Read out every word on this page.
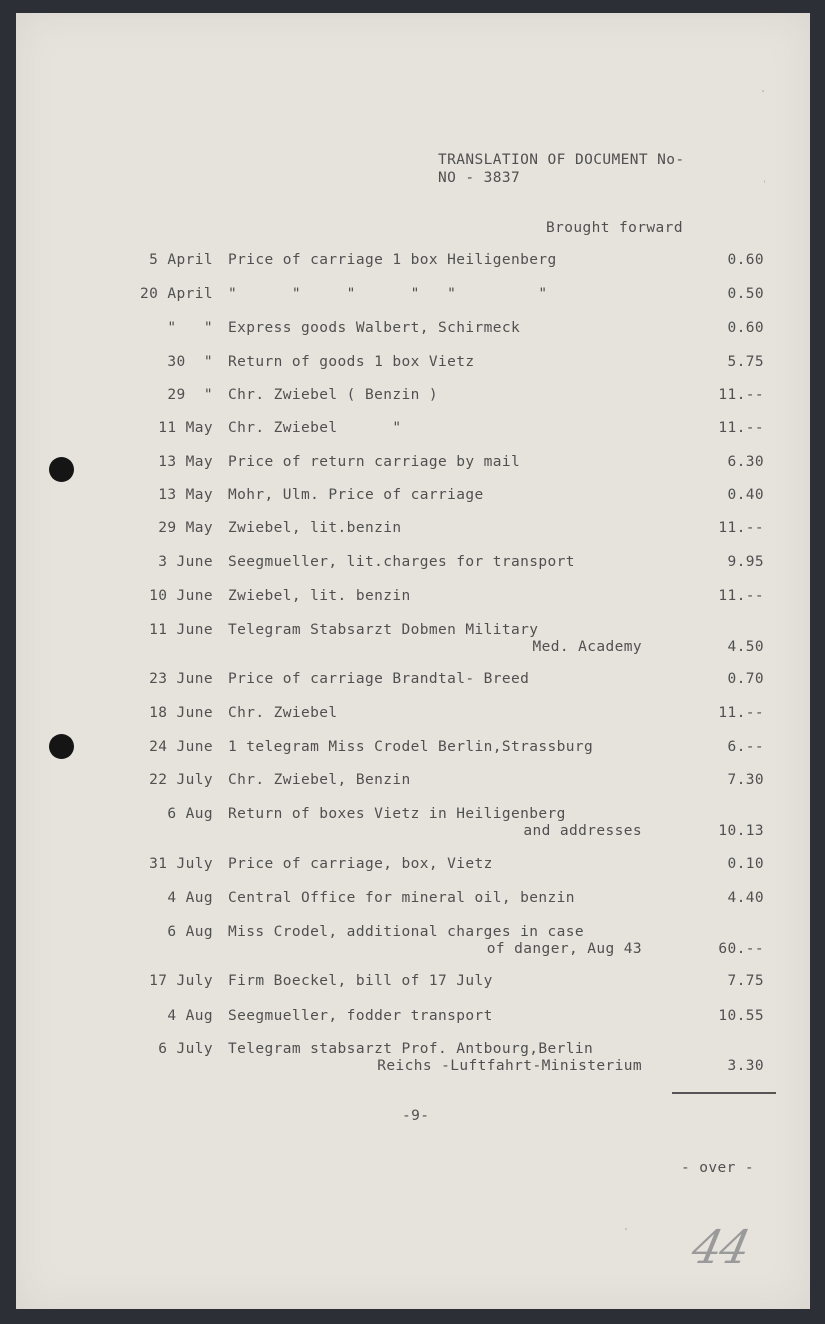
TRANSLATION OF DOCUMENT No-
NO - 3837
Brought forward
5 April Price of carriage 1 box Heiligenberg	0.60
20 April "      "     "      "   "         "	0.50
"   " Express goods Walbert, Schirmeck	0.60
30  " Return of goods 1 box Vietz	5.75
29  " Chr. Zwiebel ( Benzin )	11.--
11 May Chr. Zwiebel      "	11.--
13 May Price of return carriage by mail	6.30
13 May Mohr, Ulm. Price of carriage	0.40
29 May Zwiebel, lit.benzin	11.--
3 June Seegmueller, lit.charges for transport	9.95
10 June Zwiebel, lit. benzin	11.--
11 June Telegram Stabsarzt Dobmen Military
Med. Academy	4.50
23 June Price of carriage Brandtal- Breed	0.70
18 June Chr. Zwiebel	11.--
24 June 1 telegram Miss Crodel Berlin,Strassburg	6.--
22 July Chr. Zwiebel, Benzin	7.30
6 Aug Return of boxes Vietz in Heiligenberg
and addresses	10.13
31 July Price of carriage, box, Vietz	0.10
4 Aug Central Office for mineral oil, benzin	4.40
6 Aug Miss Crodel, additional charges in case
of danger, Aug 43	60.--
17 July Firm Boeckel, bill of 17 July	7.75
4 Aug Seegmueller, fodder transport	10.55
6 July Telegram stabsarzt Prof. Antbourg,Berlin
Reichs -Luftfahrt-Ministerium	3.30
-9-
- over -
44
